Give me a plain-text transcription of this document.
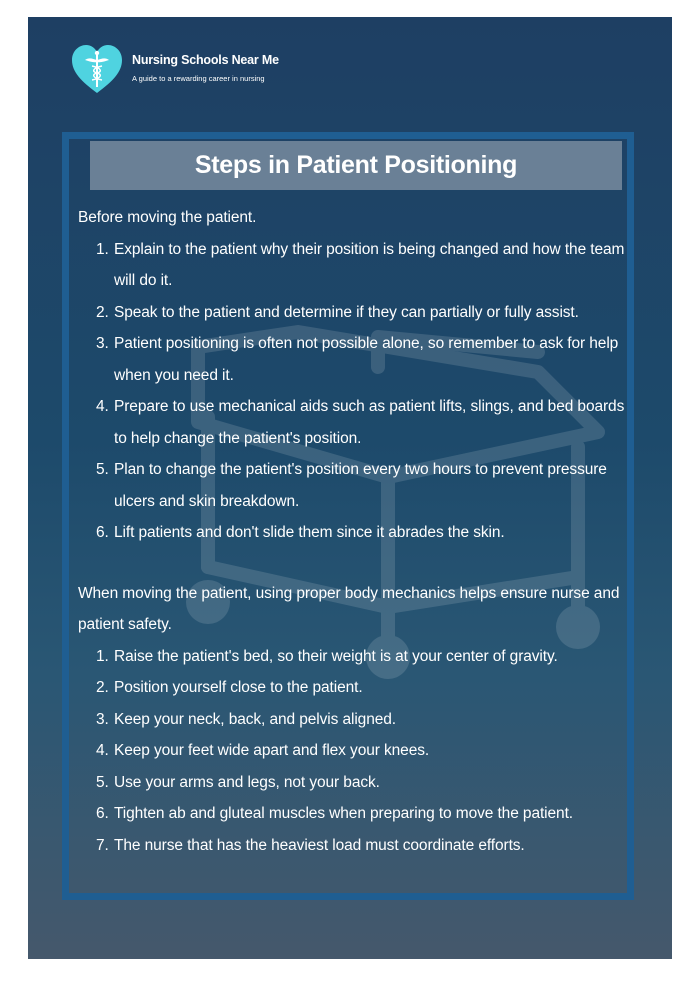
Nursing Schools Near Me
A guide to a rewarding career in nursing
Steps in Patient Positioning

Before moving the patient.

1. Explain to the patient why their position is being changed and how the team will do it.
2. Speak to the patient and determine if they can partially or fully assist.
3. Patient positioning is often not possible alone, so remember to ask for help when you need it.
4. Prepare to use mechanical aids such as patient lifts, slings, and bed boards to help change the patient's position.
5. Plan to change the patient's position every two hours to prevent pressure ulcers and skin breakdown.
6. Lift patients and don't slide them since it abrades the skin.

When moving the patient, using proper body mechanics helps ensure nurse and patient safety.

1. Raise the patient's bed, so their weight is at your center of gravity.
2. Position yourself close to the patient.
3. Keep your neck, back, and pelvis aligned.
4. Keep your feet wide apart and flex your knees.
5. Use your arms and legs, not your back.
6. Tighten ab and gluteal muscles when preparing to move the patient.
7. The nurse that has the heaviest load must coordinate efforts.
